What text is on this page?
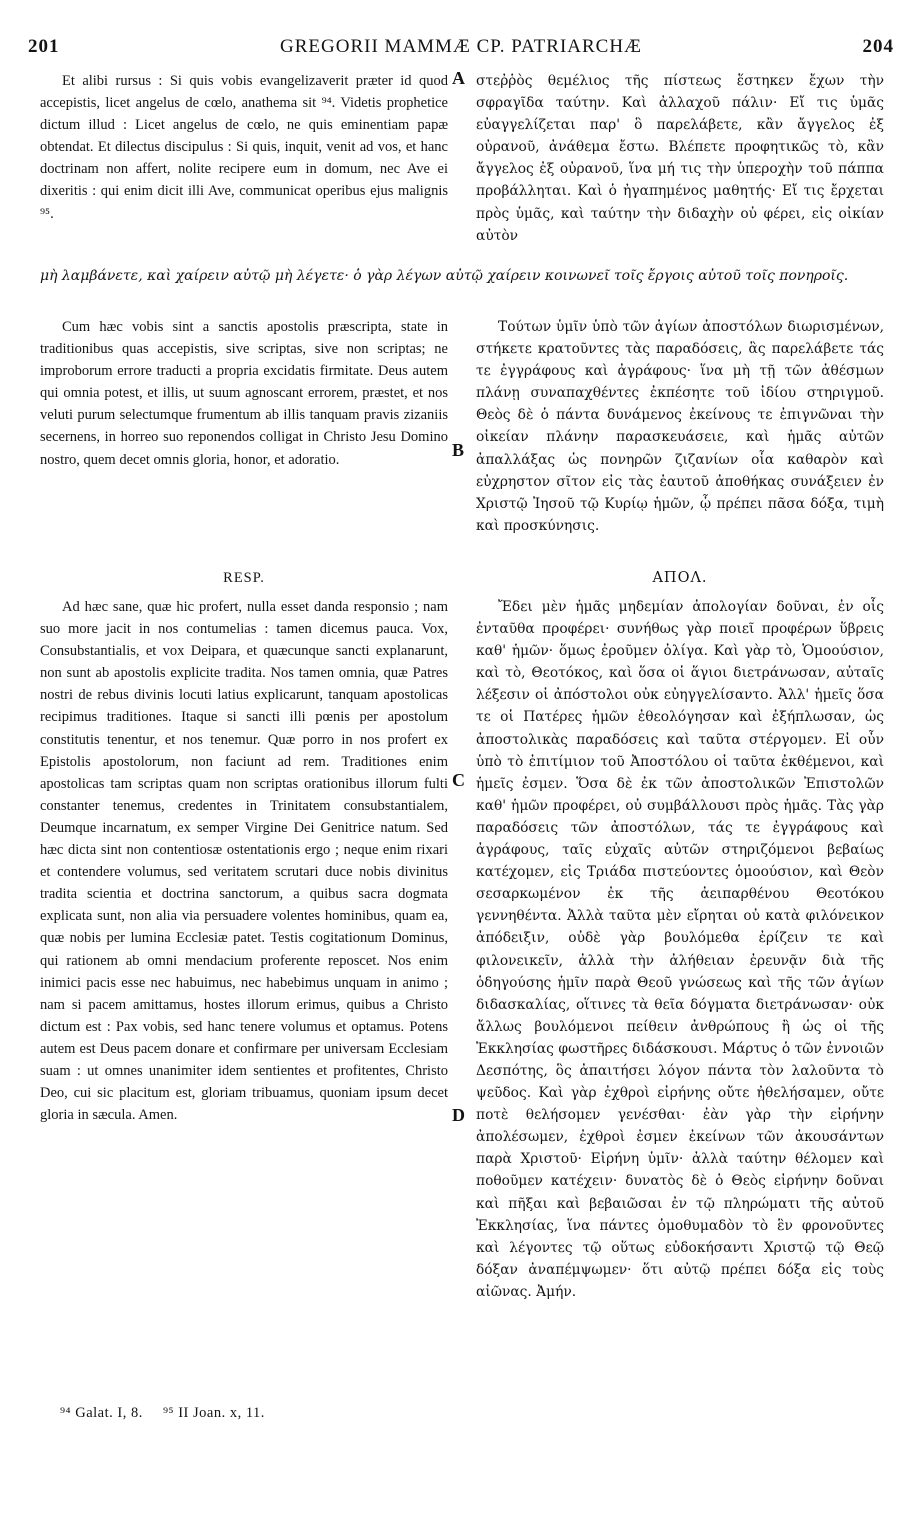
201	GREGORII MAMMÆ CP. PATRIARCHÆ	204

Et alibi rursus : Si quis vobis evangelizaverit præter id quod accepistis, licet angelus de cœlo, anathema sit ⁹⁴. Videtis prophetice dictum illud : Licet angelus de cœlo, ne quis eminentiam papæ obtendat. Et dilectus discipulus : Si quis, inquit, venit ad vos, et hanc doctrinam non affert, nolite recipere eum in domum, nec Ave ei dixeritis : qui enim dicit illi Ave, communicat operibus ejus malignis ⁹⁵.

στεῤῥὸς θεμέλιος τῆς πίστεως ἕστηκεν ἔχων τὴν σφραγῖδα ταύτην. Καὶ ἀλλαχοῦ πάλιν· Εἴ τις ὑμᾶς εὐαγγελίζεται παρ' ὃ παρελάβετε, κἂν ἄγγελος ἐξ οὐρανοῦ, ἀνάθεμα ἔστω. Βλέπετε προφητικῶς τὸ, κἂν ἄγγελος ἐξ οὐρανοῦ, ἵνα μή τις τὴν ὑπεροχὴν τοῦ πάππα προβάλληται. Καὶ ὁ ἠγαπημένος μαθητής· Εἴ τις ἔρχεται πρὸς ὑμᾶς, καὶ ταύτην τὴν διδαχὴν οὐ φέρει, εἰς οἰκίαν αὐτὸν

μὴ λαμβάνετε, καὶ χαίρειν αὐτῷ μὴ λέγετε· ὁ γὰρ λέγων αὐτῷ χαίρειν κοινωνεῖ τοῖς ἔργοις αὐτοῦ τοῖς πονηροῖς.

Cum hæc vobis sint a sanctis apostolis præscripta, state in traditionibus quas accepistis, sive scriptas, sive non scriptas; ne improborum errore traducti a propria excidatis firmitate. Deus autem qui omnia potest, et illis, ut suum agnoscant errorem, præstet, et nos veluti purum selectumque frumentum ab illis tanquam pravis zizaniis secernens, in horreo suo reponendos colligat in Christo Jesu Domino nostro, quem decet omnis gloria, honor, et adoratio.

Τούτων ὑμῖν ὑπὸ τῶν ἁγίων ἀποστόλων διωρισμένων, στήκετε κρατοῦντες τὰς παραδόσεις, ἃς παρελάβετε τάς τε ἐγγράφους καὶ ἀγράφους· ἵνα μὴ τῇ τῶν ἀθέσμων πλάνῃ συναπαχθέντες ἐκπέσητε τοῦ ἰδίου στηριγμοῦ. Θεὸς δὲ ὁ πάντα δυνάμενος ἐκείνους τε ἐπιγνῶναι τὴν οἰκείαν πλάνην παρασκευάσειε, καὶ ἡμᾶς αὐτῶν ἀπαλλάξας ὡς πονηρῶν ζιζανίων οἷα καθαρὸν καὶ εὐχρηστον σῖτον εἰς τὰς ἑαυτοῦ ἀποθήκας συνάξειεν ἐν Χριστῷ Ἰησοῦ τῷ Κυρίῳ ἡμῶν, ᾧ πρέπει πᾶσα δόξα, τιμὴ καὶ προσκύνησις.

RESP.	ΑΠΟΛ.

Ad hæc sane, quæ hic profert, nulla esset danda responsio ; nam suo more jacit in nos contumelias : tamen dicemus pauca. Vox, Consubstantialis, et vox Deipara, et quæcunque sancti explanarunt, non sunt ab apostolis explicite tradita. Nos tamen omnia, quæ Patres nostri de rebus divinis locuti latius explicarunt, tanquam apostolicas recipimus traditiones. Itaque si sancti illi pœnis per apostolum constitutis tenentur, et nos tenemur. Quæ porro in nos profert ex Epistolis apostolorum, non faciunt ad rem. Traditiones enim apostolicas tam scriptas quam non scriptas orationibus illorum fulti constanter tenemus, credentes in Trinitatem consubstantialem, Deumque incarnatum, ex semper Virgine Dei Genitrice natum. Sed hæc dicta sint non contentiosæ ostentationis ergo ; neque enim rixari et contendere volumus, sed veritatem scrutari duce nobis divinitus tradita scientia et doctrina sanctorum, a quibus sacra dogmata explicata sunt, non alia via persuadere volentes hominibus, quam ea, quæ nobis per lumina Ecclesiæ patet. Testis cogitationum Dominus, qui rationem ab omni mendacium proferente reposcet. Nos enim inimici pacis esse nec habuimus, nec habebimus unquam in animo ; nam si pacem amittamus, hostes illorum erimus, quibus a Christo dictum est : Pax vobis, sed hanc tenere volumus et optamus. Potens autem est Deus pacem donare et confirmare per universam Ecclesiam suam : ut omnes unanimiter idem sentientes et profitentes, Christo Deo, cui sic placitum est, gloriam tribuamus, quoniam ipsum decet gloria in sæcula. Amen.

Ἔδει μὲν ἡμᾶς μηδεμίαν ἀπολογίαν δοῦναι, ἐν οἷς ἐνταῦθα προφέρει· συνήθως γὰρ ποιεῖ προφέρων ὕβρεις καθ' ἡμῶν· ὅμως ἐροῦμεν ὀλίγα. Καὶ γὰρ τὸ, Ὁμοούσιον, καὶ τὸ, Θεοτόκος, καὶ ὅσα οἱ ἅγιοι διετράνωσαν, αὐταῖς λέξεσιν οἱ ἀπόστολοι οὐκ εὐηγγελίσαντο. Ἀλλ' ἡμεῖς ὅσα τε οἱ Πατέρες ἡμῶν ἐθεολόγησαν καὶ ἐξήπλωσαν, ὡς ἀποστολικὰς παραδόσεις καὶ ταῦτα στέργομεν. Εἰ οὖν ὑπὸ τὸ ἐπιτίμιον τοῦ Ἀποστόλου οἱ ταῦτα ἐκθέμενοι, καὶ ἡμεῖς ἐσμεν. Ὅσα δὲ ἐκ τῶν ἀποστολικῶν Ἐπιστολῶν καθ' ἡμῶν προφέρει, οὐ συμβάλλουσι πρὸς ἡμᾶς. Τὰς γὰρ παραδόσεις τῶν ἀποστόλων, τάς τε ἐγγράφους καὶ ἀγράφους, ταῖς εὐχαῖς αὐτῶν στηριζόμενοι βεβαίως κατέχομεν, εἰς Τριάδα πιστεύοντες ὁμοούσιον, καὶ Θεὸν σεσαρκωμένον ἐκ τῆς ἀειπαρθένου Θεοτόκου γεννηθέντα. Ἀλλὰ ταῦτα μὲν εἴρηται οὐ κατὰ φιλόνεικον ἀπόδειξιν, οὐδὲ γὰρ βουλόμεθα ἐρίζειν τε καὶ φιλονεικεῖν, ἀλλὰ τὴν ἀλήθειαν ἐρευνᾷν διὰ τῆς ὁδηγούσης ἡμῖν παρὰ Θεοῦ γνώσεως καὶ τῆς τῶν ἁγίων διδασκαλίας, οἵτινες τὰ θεῖα δόγματα διετράνωσαν· οὐκ ἄλλως βουλόμενοι πείθειν ἀνθρώπους ἢ ὡς οἱ τῆς Ἐκκλησίας φωστῆρες διδάσκουσι. Μάρτυς ὁ τῶν ἐννοιῶν Δεσπότης, ὃς ἀπαιτήσει λόγον πάντα τὸν λαλοῦντα τὸ ψεῦδος. Καὶ γὰρ ἐχθροὶ εἰρήνης οὔτε ἠθελήσαμεν, οὔτε ποτὲ θελήσομεν γενέσθαι· ἐὰν γὰρ τὴν εἰρήνην ἀπολέσωμεν, ἐχθροὶ ἐσμεν ἐκείνων τῶν ἀκουσάντων παρὰ Χριστοῦ· Εἰρήνη ὑμῖν· ἀλλὰ ταύτην θέλομεν καὶ ποθοῦμεν κατέχειν· δυνατὸς δὲ ὁ Θεὸς εἰρήνην δοῦναι καὶ πῆξαι καὶ βεβαιῶσαι ἐν τῷ πληρώματι τῆς αὐτοῦ Ἐκκλησίας, ἵνα πάντες ὁμοθυμαδὸν τὸ ἓν φρονοῦντες καὶ λέγοντες τῷ οὕτως εὐδοκήσαντι Χριστῷ τῷ Θεῷ δόξαν ἀναπέμψωμεν· ὅτι αὐτῷ πρέπει δόξα εἰς τοὺς αἰῶνας. Ἀμήν.

A
B
C
D
⁹⁴ Galat. I, 8. ⁹⁵ II Joan. x, 11.
